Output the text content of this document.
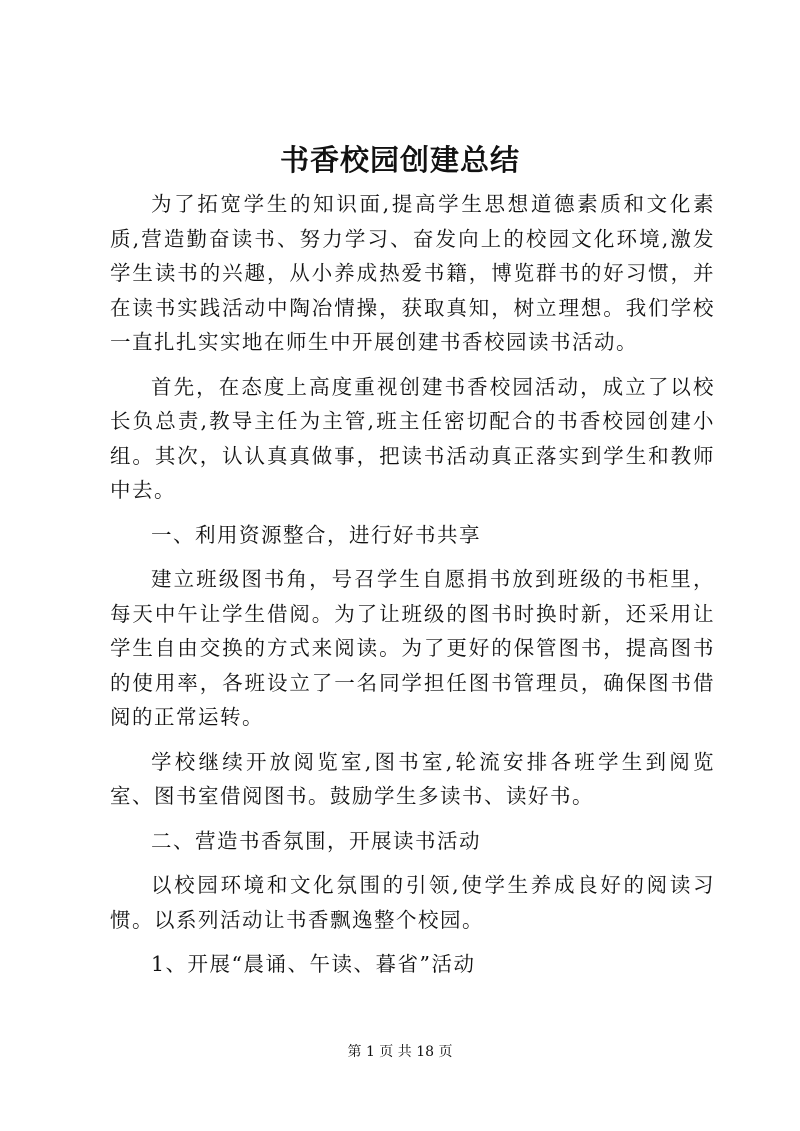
书香校园创建总结

为了拓宽学生的知识面,提高学生思想道德素质和文化素质,营造勤奋读书、努力学习、奋发向上的校园文化环境,激发学生读书的兴趣，从小养成热爱书籍，博览群书的好习惯，并在读书实践活动中陶冶情操，获取真知，树立理想。我们学校一直扎扎实实地在师生中开展创建书香校园读书活动。

首先，在态度上高度重视创建书香校园活动，成立了以校长负总责,教导主任为主管,班主任密切配合的书香校园创建小组。其次，认认真真做事，把读书活动真正落实到学生和教师中去。

一、利用资源整合，进行好书共享

建立班级图书角，号召学生自愿捐书放到班级的书柜里，每天中午让学生借阅。为了让班级的图书时换时新，还采用让学生自由交换的方式来阅读。为了更好的保管图书，提高图书的使用率，各班设立了一名同学担任图书管理员，确保图书借阅的正常运转。

学校继续开放阅览室,图书室,轮流安排各班学生到阅览室、图书室借阅图书。鼓励学生多读书、读好书。

二、营造书香氛围，开展读书活动

以校园环境和文化氛围的引领,使学生养成良好的阅读习惯。以系列活动让书香飘逸整个校园。

1、开展“晨诵、午读、暮省”活动

第 1 页 共 18 页
